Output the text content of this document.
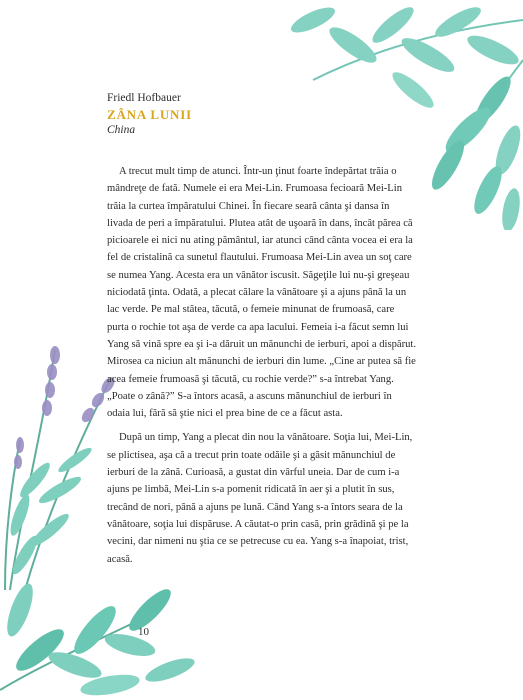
Friedl Hofbauer
ZÂNA LUNII
China

A trecut mult timp de atunci. Într-un ţinut foarte îndepărtat trăia o mândreţe de fată. Numele ei era Mei-Lin. Frumoasa fecioară Mei-Lin trăia la curtea împăratului Chinei. În fiecare seară cânta şi dansa în livada de peri a împăratului. Plutea atât de uşoară în dans, încât părea că picioarele ei nici nu ating pământul, iar atunci când cânta vocea ei era la fel de cristalină ca sunetul flautului. Frumoasa Mei-Lin avea un soţ care se numea Yang. Acesta era un vânător iscusit. Săgeţile lui nu-şi greşeau niciodată ţinta. Odată, a plecat călare la vânătoare şi a ajuns până la un lac verde. Pe mal stătea, tăcută, o femeie minunat de frumoasă, care purta o rochie tot aşa de verde ca apa lacului. Femeia i-a făcut semn lui Yang să vină spre ea şi i-a dăruit un mănunchi de ierburi, apoi a dispărut. Mirosea ca niciun alt mănunchi de ierburi din lume. „Cine ar putea să fie acea femeie frumoasă şi tăcută, cu rochie verde?” s-a întrebat Yang. „Poate o zână?” S-a întors acasă, a ascuns mănunchiul de ierburi în odaia lui, fără să ştie nici el prea bine de ce a făcut asta.

După un timp, Yang a plecat din nou la vânătoare. Soţia lui, Mei-Lin, se plictisea, aşa că a trecut prin toate odăile şi a găsit mănunchiul de ierburi de la zână. Curioasă, a gustat din vârful uneia. Dar de cum i-a ajuns pe limbă, Mei-Lin s-a pomenit ridicată în aer şi a plutit în sus, trecând de nori, până a ajuns pe lună. Când Yang s-a întors seara de la vânătoare, soţia lui dispăruse. A căutat-o prin casă, prin grădină şi pe la vecini, dar nimeni nu ştia ce se petrecuse cu ea. Yang s-a înapoiat, trist, acasă.

10
